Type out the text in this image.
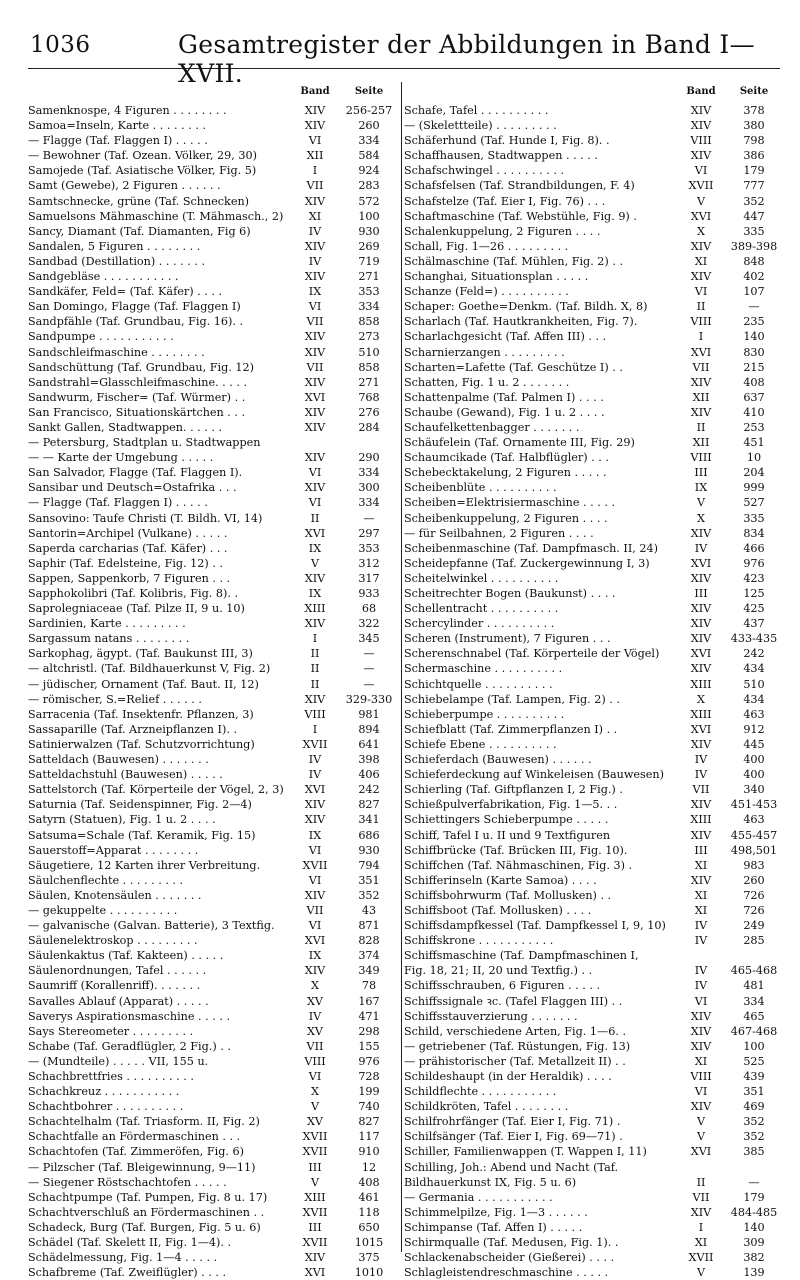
1036	Gesamtregister der Abbildungen in Band I—XVII.
Band	Seite
Samenknospe, 4 Figuren . . . . . . . .	XIV	256-257
Samoa=Inseln, Karte . . . . . . . .	XIV	260
— Flagge (Taf. Flaggen I) . . . . .	VI	334
— Bewohner (Taf. Ozean. Völker, 29, 30)	XII	584
Samojede (Taf. Asiatische Völker, Fig. 5)	I	924
Samt (Gewebe), 2 Figuren . . . . . .	VII	283
Samtschnecke, grüne (Taf. Schnecken)	XIV	572
Samuelsons Mähmaschine (T. Mähmasch., 2)	XI	100
Sancy, Diamant (Taf. Diamanten, Fig 6)	IV	930
Sandalen, 5 Figuren . . . . . . . .	XIV	269
Sandbad (Destillation) . . . . . . .	IV	719
Sandgebläse . . . . . . . . . . .	XIV	271
Sandkäfer, Feld= (Taf. Käfer) . . . .	IX	353
San Domingo, Flagge (Taf. Flaggen I)	VI	334
Sandpfähle (Taf. Grundbau, Fig. 16). .	VII	858
Sandpumpe . . . . . . . . . . .	XIV	273
Sandschleifmaschine . . . . . . . .	XIV	510
Sandschüttung (Taf. Grundbau, Fig. 12)	VII	858
Sandstrahl=Glasschleifmaschine. . . . .	XIV	271
Sandwurm, Fischer= (Taf. Würmer) . .	XVI	768
San Francisco, Situationskärtchen . . .	XIV	276
Sankt Gallen, Stadtwappen. . . . . .	XIV	284
— Petersburg, Stadtplan u. Stadtwappen
— — Karte der Umgebung . . . . .	XIV	290
San Salvador, Flagge (Taf. Flaggen I).	VI	334
Sansibar und Deutsch=Ostafrika . . .	XIV	300
— Flagge (Taf. Flaggen I) . . . . .	VI	334
Sansovino: Taufe Christi (T. Bildh. VI, 14)	II	—
Santorin=Archipel (Vulkane) . . . . .	XVI	297
Saperda carcharias (Taf. Käfer) . . .	IX	353
Saphir (Taf. Edelsteine, Fig. 12) . .	V	312
Sappen, Sappenkorb, 7 Figuren . . .	XIV	317
Sapphokolibri (Taf. Kolibris, Fig. 8). .	IX	933
Saprolegniaceae (Taf. Pilze II, 9 u. 10)	XIII	68
Sardinien, Karte . . . . . . . . .	XIV	322
Sargassum natans . . . . . . . .	I	345
Sarkophag, ägypt. (Taf. Baukunst III, 3)	II	—
— altchristl. (Taf. Bildhauerkunst V, Fig. 2)	II	—
— jüdischer, Ornament (Taf. Baut. II, 12)	II	—
— römischer, S.=Relief . . . . . .	XIV	329-330
Sarracenia (Taf. Insektenfr. Pflanzen, 3)	VIII	981
Sassaparille (Taf. Arzneipflanzen I). .	I	894
Satinierwalzen (Taf. Schutzvorrichtung)	XVII	641
Satteldach (Bauwesen) . . . . . . .	IV	398
Satteldachstuhl (Bauwesen) . . . . .	IV	406
Sattelstorch (Taf. Körperteile der Vögel, 2, 3)	XVI	242
Saturnia (Taf. Seidenspinner, Fig. 2—4)	XIV	827
Satyrn (Statuen), Fig. 1 u. 2 . . . .	XIV	341
Satsuma=Schale (Taf. Keramik, Fig. 15)	IX	686
Sauerstoff=Apparat . . . . . . . .	VI	930
Säugetiere, 12 Karten ihrer Verbreitung.	XVII	794
Säulchenflechte . . . . . . . . .	VI	351
Säulen, Knotensäulen . . . . . . .	XIV	352
— gekuppelte . . . . . . . . . .	VII	43
— galvanische (Galvan. Batterie), 3 Textfig.	VI	871
Säulenelektroskop . . . . . . . . .	XVI	828
Säulenkaktus (Taf. Kakteen) . . . . .	IX	374
Säulenordnungen, Tafel . . . . . .	XIV	349
Saumriff (Korallenriff). . . . . . .	X	78
Savalles Ablauf (Apparat) . . . . .	XV	167
Saverys Aspirationsmaschine . . . . .	IV	471
Says Stereometer . . . . . . . . .	XV	298
Schabe (Taf. Geradflügler, 2 Fig.) . .	VII	155
— (Mundteile) . . . . . VII, 155 u.	VIII	976
Schachbrettfries . . . . . . . . . .	VI	728
Schachkreuz . . . . . . . . . . .	X	199
Schachtbohrer . . . . . . . . . .	V	740
Schachtelhalm (Taf. Triasform. II, Fig. 2)	XV	827
Schachtfalle an Fördermaschinen . . .	XVII	117
Schachtofen (Taf. Zimmeröfen, Fig. 6)	XVII	910
— Pilzscher (Taf. Bleigewinnung, 9—11)	III	12
— Siegener Röstschachtofen . . . . .	V	408
Schachtpumpe (Taf. Pumpen, Fig. 8 u. 17)	XIII	461
Schachtverschluß an Fördermaschinen . .	XVII	118
Schadeck, Burg (Taf. Burgen, Fig. 5 u. 6)	III	650
Schädel (Taf. Skelett II, Fig. 1—4). .	XVII	1015
Schädelmessung, Fig. 1—4 . . . . .	XIV	375
Schafbreme (Taf. Zweiflügler) . . . .	XVI	1010
Band	Seite
Schafe, Tafel . . . . . . . . . .	XIV	378
— (Skelettteile) . . . . . . . . .	XIV	380
Schäferhund (Taf. Hunde I, Fig. 8). .	VIII	798
Schaffhausen, Stadtwappen . . . . .	XIV	386
Schafschwingel . . . . . . . . . .	VI	179
Schafsfelsen (Taf. Strandbildungen, F. 4)	XVII	777
Schafstelze (Taf. Eier I, Fig. 76) . . .	V	352
Schaftmaschine (Taf. Webstühle, Fig. 9) .	XVI	447
Schalenkuppelung, 2 Figuren . . . .	X	335
Schall, Fig. 1—26 . . . . . . . . .	XIV	389-398
Schälmaschine (Taf. Mühlen, Fig. 2) . .	XI	848
Schanghai, Situationsplan . . . . .	XIV	402
Schanze (Feld=) . . . . . . . . . .	VI	107
Schaper: Goethe=Denkm. (Taf. Bildh. X, 8)	II	—
Scharlach (Taf. Hautkrankheiten, Fig. 7).	VIII	235
Scharlachgesicht (Taf. Affen III) . . .	I	140
Scharnierzangen . . . . . . . . .	XVI	830
Scharten=Lafette (Taf. Geschütze I) . .	VII	215
Schatten, Fig. 1 u. 2 . . . . . . .	XIV	408
Schattenpalme (Taf. Palmen I) . . . .	XII	637
Schaube (Gewand), Fig. 1 u. 2 . . . .	XIV	410
Schaufelkettenbagger . . . . . . .	II	253
Schäufelein (Taf. Ornamente III, Fig. 29)	XII	451
Schaumcikade (Taf. Halbflügler) . . .	VIII	10
Schebecktakelung, 2 Figuren . . . . .	III	204
Scheibenblüte . . . . . . . . . .	IX	999
Scheiben=Elektrisiermaschine . . . . .	V	527
Scheibenkuppelung, 2 Figuren . . . .	X	335
— für Seilbahnen, 2 Figuren . . . .	XIV	834
Scheibenmaschine (Taf. Dampfmasch. II, 24)	IV	466
Scheidepfanne (Taf. Zuckergewinnung I, 3)	XVI	976
Scheitelwinkel . . . . . . . . . .	XIV	423
Scheitrechter Bogen (Baukunst) . . . .	III	125
Schellentracht . . . . . . . . . .	XIV	425
Schercylinder . . . . . . . . . .	XIV	437
Scheren (Instrument), 7 Figuren . . .	XIV	433-435
Scherenschnabel (Taf. Körperteile der Vögel)	XVI	242
Schermaschine . . . . . . . . . .	XIV	434
Schichtquelle . . . . . . . . . .	XIII	510
Schiebelampe (Taf. Lampen, Fig. 2) . .	X	434
Schieberpumpe . . . . . . . . . .	XIII	463
Schiefblatt (Taf. Zimmerpflanzen I) . .	XVI	912
Schiefe Ebene . . . . . . . . . .	XIV	445
Schieferdach (Bauwesen) . . . . . .	IV	400
Schieferdeckung auf Winkeleisen (Bauwesen)	IV	400
Schierling (Taf. Giftpflanzen I, 2 Fig.) .	VII	340
Schießpulverfabrikation, Fig. 1—5. . .	XIV	451-453
Schiettingers Schieberpumpe . . . . .	XIII	463
Schiff, Tafel I u. II und 9 Textfiguren	XIV	455-457
Schiffbrücke (Taf. Brücken III, Fig. 10).	III	498,501
Schiffchen (Taf. Nähmaschinen, Fig. 3) .	XI	983
Schifferinseln (Karte Samoa) . . . .	XIV	260
Schiffsbohrwurm (Taf. Mollusken) . .	XI	726
Schiffsboot (Taf. Mollusken) . . . .	XI	726
Schiffsdampfkessel (Taf. Dampfkessel I, 9, 10)	IV	249
Schiffskrone . . . . . . . . . . .	IV	285
Schiffsmaschine (Taf. Dampfmaschinen I,
Fig. 18, 21; II, 20 und Textfig.) . .	IV	465-468
Schiffsschrauben, 6 Figuren . . . . .	IV	481
Schiffssignale ꝛc. (Tafel Flaggen III) . .	VI	334
Schiffsstauverzierung . . . . . . .	XIV	465
Schild, verschiedene Arten, Fig. 1—6. .	XIV	467-468
— getriebener (Taf. Rüstungen, Fig. 13)	XIV	100
— prähistorischer (Taf. Metallzeit II) . .	XI	525
Schildeshaupt (in der Heraldik) . . . .	VIII	439
Schildflechte . . . . . . . . . . .	VI	351
Schildkröten, Tafel . . . . . . . .	XIV	469
Schilfrohrfänger (Taf. Eier I, Fig. 71) .	V	352
Schilfsänger (Taf. Eier I, Fig. 69—71) .	V	352
Schiller, Familienwappen (T. Wappen I, 11)	XVI	385
Schilling, Joh.: Abend und Nacht (Taf.
Bildhauerkunst IX, Fig. 5 u. 6)	II	—
— Germania . . . . . . . . . . .	VII	179
Schimmelpilze, Fig. 1—3 . . . . . .	XIV	484-485
Schimpanse (Taf. Affen I) . . . . .	I	140
Schirmqualle (Taf. Medusen, Fig. 1). .	XI	309
Schlackenabscheider (Gießerei) . . . .	XVII	382
Schlagleistendreschmaschine . . . . .	V	139
